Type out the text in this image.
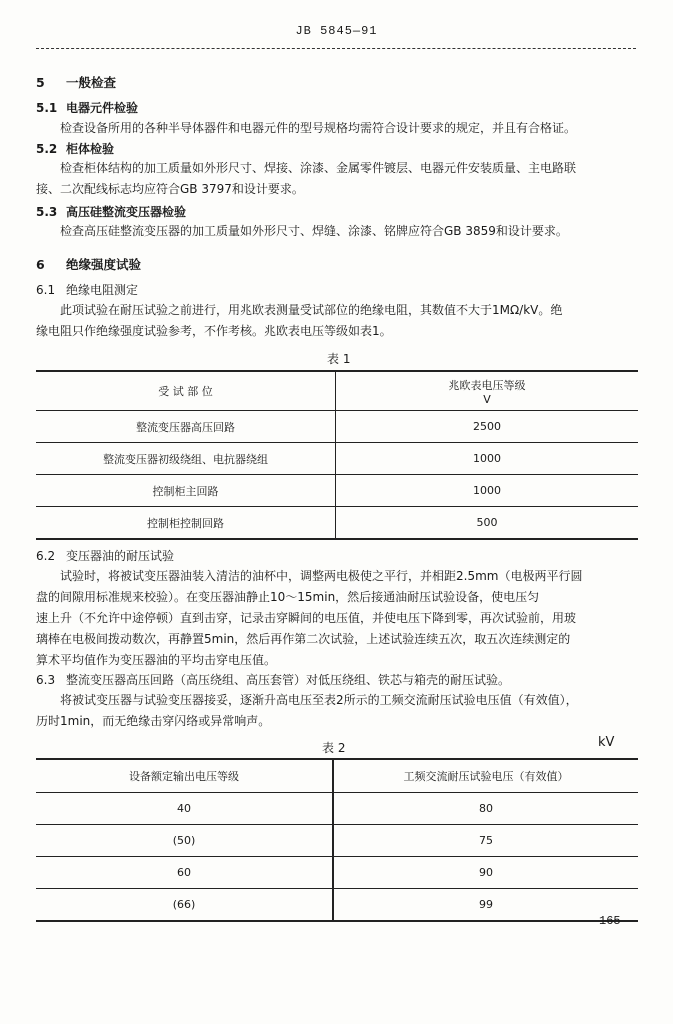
JB 5845—91
5 一般检查
5.1 电器元件检验
检查设备所用的各种半导体器件和电器元件的型号规格均需符合设计要求的规定，并且有合格证。
5.2 柜体检验
检查柜体结构的加工质量如外形尺寸、焊接、涂漆、金属零件镀层、电器元件安装质量、主电路联
接、二次配线标志均应符合GB 3797和设计要求。
5.3 高压硅整流变压器检验
检查高压硅整流变压器的加工质量如外形尺寸、焊缝、涂漆、铭牌应符合GB 3859和设计要求。
6 绝缘强度试验
6.1 绝缘电阻测定
此项试验在耐压试验之前进行，用兆欧表测量受试部位的绝缘电阻，其数值不大于1MΩ/kV。绝
缘电阻只作绝缘强度试验参考，不作考核。兆欧表电压等级如表1。
表 1
受 试 部 位	兆欧表电压等级
V

整流变压器高压回路	2500
整流变压器初级绕组、电抗器绕组	1000
控制柜主回路	1000
控制柜控制回路	500
6.2 变压器油的耐压试验
试验时，将被试变压器油装入清洁的油杯中，调整两电极使之平行，并相距2.5mm（电极两平行圆
盘的间隙用标准规来校验）。在变压器油静止10～15min，然后接通油耐压试验设备，使电压匀
速上升（不允许中途停顿）直到击穿，记录击穿瞬间的电压值，并使电压下降到零，再次试验前，用玻
璃棒在电极间拨动数次，再静置5min，然后再作第二次试验，上述试验连续五次，取五次连续测定的
算术平均值作为变压器油的平均击穿电压值。
6.3 整流变压器高压回路（高压绕组、高压套管）对低压绕组、铁芯与箱壳的耐压试验。
将被试变压器与试验变压器接妥，逐渐升高电压至表2所示的工频交流耐压试验电压值（有效值），
历时1min，而无绝缘击穿闪络或异常响声。
表 2	kV
设备额定输出电压等级	工频交流耐压试验电压（有效值）
40	80
(50)	75
60	90
(66)	99
165
